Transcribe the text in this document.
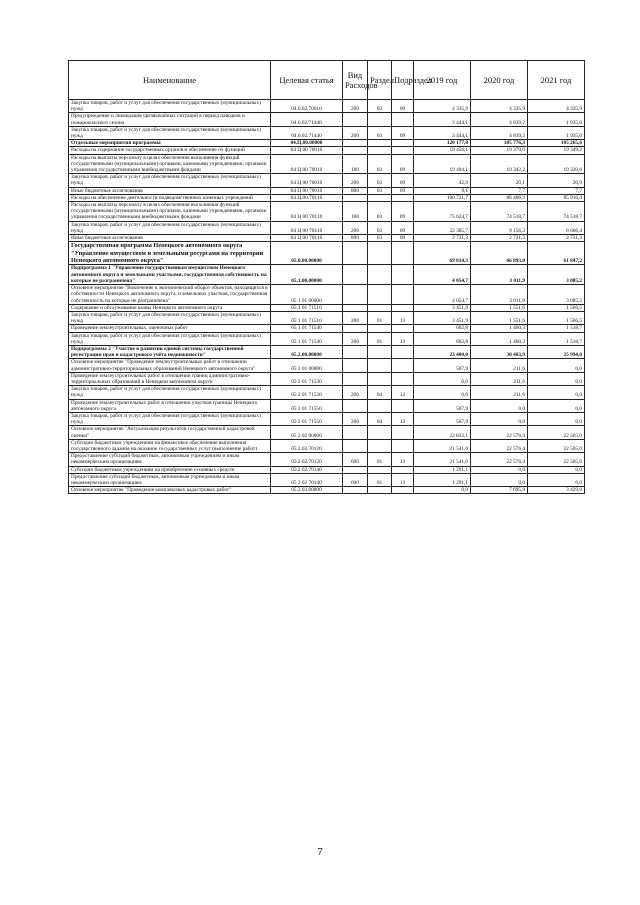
Наименование	Целевая статья	Вид Расходов	Раздел	Подраздел	2019 год	2020 год	2021 год
Закупка товаров, работ и услуг для обеспечения государственных (муниципальных) нужд	04.6.02.70610	200	03	09	4 335,9	4 335,9	4 335,9
Предупреждение и ликвидация чрезвычайных ситуаций в период паводков и пожароопасного сезона	04.6.02.71440				3 444,1	4 839,2	1 935,0
Закупка товаров, работ и услуг для обеспечения государственных (муниципальных) нужд	04.6.02.71440	200	03	09	3 444,1	4 839,2	1 935,0
Отдельные мероприятия программы	04.Ц.00.00000				120 177,8	105 776,3	105 265,6
Расходы на содержание государственных органов и обеспечение их функций	04 Ц 00 70010				19 456,1	19 370,0	19 349,2
Расходы на выплаты персоналу в целях обеспечения выполнения функций государственными (муниципальными) органами, казенными учреждениями, органами управления государственными внебюджетными фондами	04 Ц 00 70010	100	03	09	19 404,1	19 342,2	19 320,6
Закупка товаров, работ и услуг для обеспечения государственных (муниципальных) нужд	04 Ц 00 70010	200	03	09	42,9	20,1	20,9
Иные бюджетные ассигнования	04 Ц 00 70010	800	03	09	9,1	7,7	7,7
Расходы на обеспечение деятельности подведомственных казенных учреждений	04.Ц.00.70110				100 721,7	86 406,3	85 916,4
Расходы на выплаты персоналу в целях обеспечения выполнения функций государственными (муниципальными) органами, казенными учреждениями, органами управления государственными внебюджетными фондами	04 Ц 00 70110	100	03	09	75 624,7	74 518,7	74 518,7
Закупка товаров, работ и услуг для обеспечения государственных (муниципальных) нужд	04 Ц 00 70110	200	03	09	22 365,7	9 156,3	8 666,4
Иные бюджетные ассигнования	04 Ц 00 70110	800	03	09	2 731,3	2 731,3	2 731,3
Государственная программа Ненецкого автономного округа "Управление имуществом и земельными ресурсами на территории Ненецкого автономного округа"	05.0.00.00000				69 814,3	66 893,8	61 847,2
Подпрограмма 1 "Управление государственным имуществом Ненецкого автономного округа и земельными участками, государственная собственность на которые не разграничена"	05.1.00.00000				4 054,7	3 011,9	3 085,2
Основное мероприятие "Вовлечение в экономический оборот объектов, находящихся в собственности Ненецкого автономного округа, и земельных участков, государственная собственность на которые не разграничена"	05 1 01 00000				4 054,7	3 011,9	3 085,2
Содержание и обслуживание казны Ненецкого автономного округа	05 1 01 71510				3 451,9	1 551,6	1 566,5
Закупка товаров, работ и услуг для обеспечения государственных (муниципальных) нужд	05 1 01 71510	200	01	13	3 451,9	1 551,6	1 566,5
Проведение землеустроительных, оценочных работ	05 1 01 71540				602,8	1 460,3	1 518,7
Закупка товаров, работ и услуг для обеспечения государственных (муниципальных) нужд	05 1 01 71540	200	01	13	602,8	1 460,3	1 518,7
Подпрограмма 2 "Участие в развитии единой системы государственной регистрации прав и кадастрового учёта недвижимости"	05.2.00.00000				23 400,0	30 483,9	25 994,0
Основное мероприятие "Проведение землеустроительных работ в отношении административно-территориальных образований Ненецкого автономного округа"	05 2 01 00000				567,9	211,6	0,0
Проведение землеустроительных работ в отношении границ административно-территориальных образований в Ненецком автономном округе	05 2 01 71530				0,0	211,6	0,0
Закупка товаров, работ и услуг для обеспечения государственных (муниципальных) нужд	05 2 01 71530	200	04	12	0,0	211,6	0,0
Проведение землеустроительных работ в отношении участков границы Ненецкого автономного округа	05 2 01 71550				567,9	0,0	0,0
Закупка товаров, работ и услуг для обеспечения государственных (муниципальных) нужд	05 2 01 71550	200	04	12	567,9	0,0	0,0
Основное мероприятие "Актуализация результатов государственной кадастровой оценки"	05 2 02 00000				22 832,1	22 576,4	22 565,0
Субсидии бюджетным учреждениям на финансовое обеспечение выполнения государственного задания на оказание государственных услуг (выполнение работ)	05.2.02.70120				21 541,0	22 576,4	22 565,0
Предоставление субсидий бюджетным, автономным учреждениям и иным некоммерческим организациям	05.2.02.70120	600	01	13	21 541,0	22 576,4	22 565,0
Субсидии бюджетным учреждениям на приобретение основных средств	05.2.02.70140				1 291,1	0,0	0,0
Предоставление субсидий бюджетным, автономным учреждениям и иным некоммерческим организациям	05 2 02 70140	600	01	13	1 291,1	0,0	0,0
Основное мероприятие "Проведение комплексных кадастровых работ"	05.2.03.00000				0,0	7 695,9	3 429,0
7
